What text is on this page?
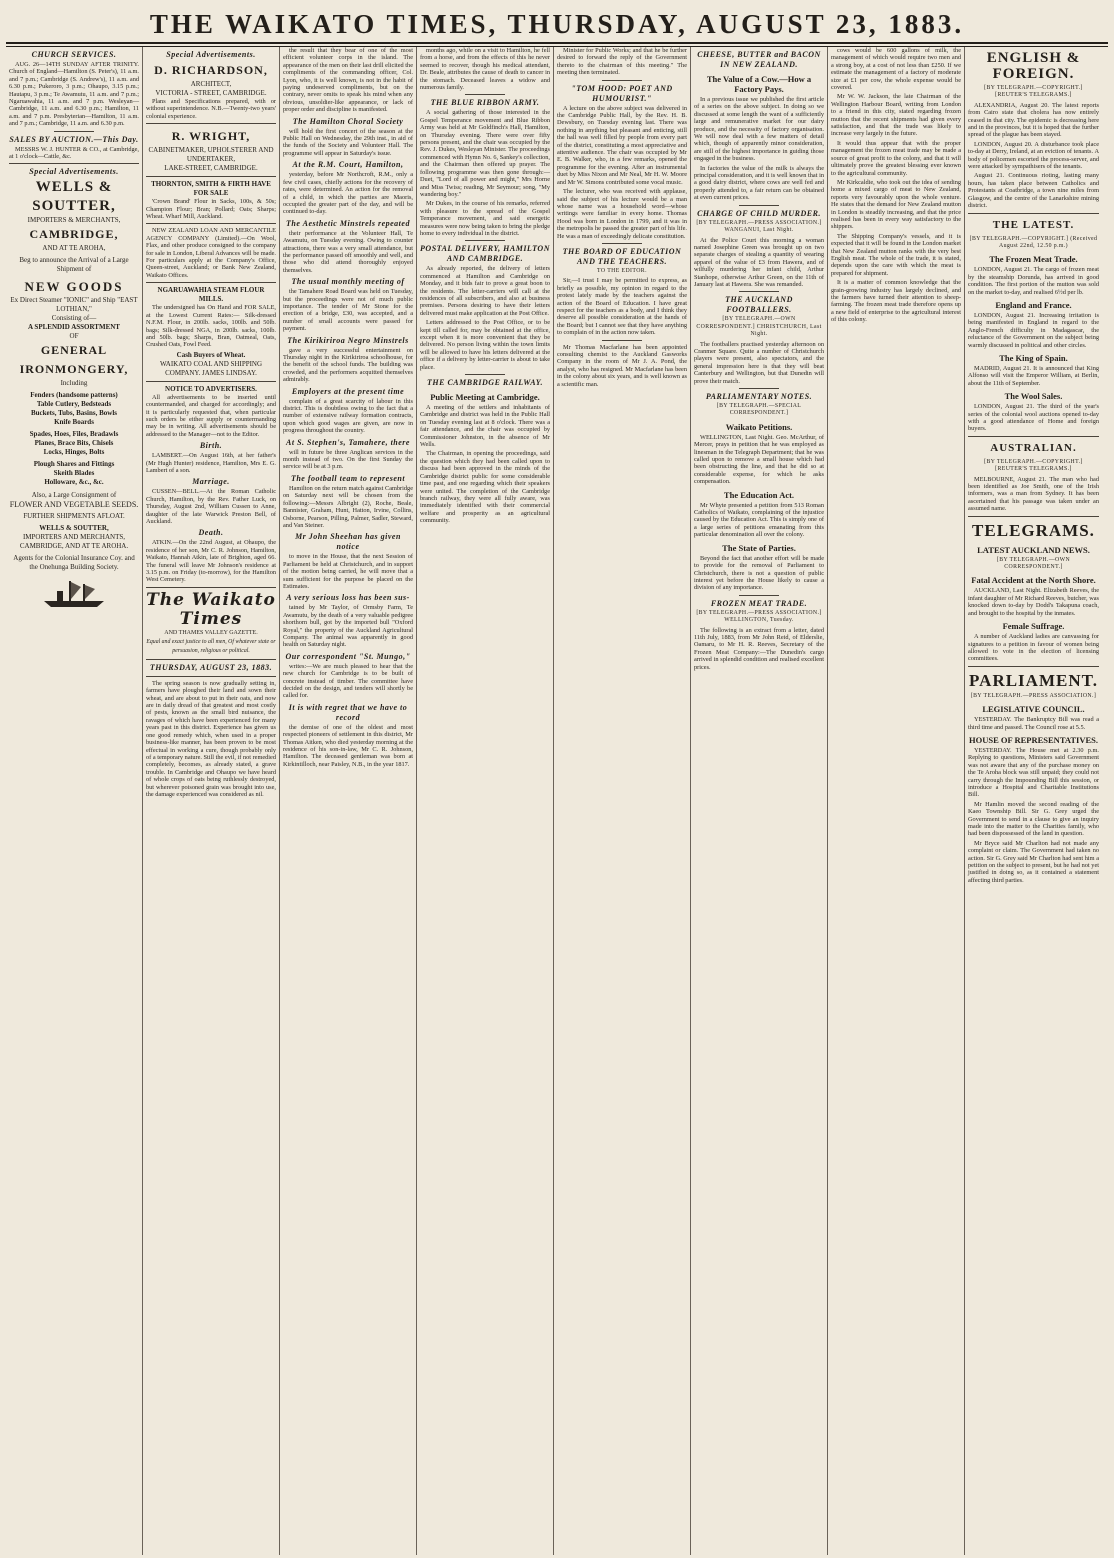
THE WAIKATO TIMES, THURSDAY, AUGUST 23, 1883.
CHURCH SERVICES.

AUG. 26—14TH SUNDAY AFTER TRINITY. Church of England—Hamilton (S. Peter's), 11 a.m. and 7 p.m.; Cambridge (S. Andrew's), 11 a.m. and 6.30 p.m.; Pukeroro, 3 p.m.; Ohaupo, 3.15 p.m.; Hautapu, 3 p.m.; Te Awamutu, 11 a.m. and 7 p.m.; Ngaruawahia, 11 a.m. and 7 p.m. Wesleyan—Cambridge, 11 a.m. and 6.30 p.m.; Hamilton, 11 a.m. and 7 p.m. Presbyterian—Hamilton, 11 a.m. and 7 p.m.; Cambridge, 11 a.m. and 6.30 p.m.

SALES BY AUCTION.—This Day.

MESSRS W. J. HUNTER & CO., at Cambridge, at 1 o'clock—Cattle, &c.

Special Advertisements.
WELLS & SOUTTER,
IMPORTERS & MERCHANTS,
CAMBRIDGE,
AND AT TE AROHA,
Beg to announce the Arrival of a Large Shipment of
NEW GOODS
Ex Direct Steamer "IONIC" and Ship "EAST LOTHIAN,"
Consisting of—
A SPLENDID ASSORTMENT
OF
GENERAL IRONMONGERY,
Including
Fenders (handsome patterns)
Table Cutlery, Bedsteads
Buckets, Tubs, Basins, Bowls
Knife Boards
Spades, Hoes, Files, Bradawls
Planes, Brace Bits, Chisels
Locks, Hinges, Bolts
Plough Shares and Fittings
Skeith Blades
Holloware, &c., &c.
Also, a Large Consignment of
FLOWER AND VEGETABLE SEEDS.
FURTHER SHIPMENTS AFLOAT.
WELLS & SOUTTER,
IMPORTERS AND MERCHANTS, CAMBRIDGE, AND AT TE AROHA.
Agents for the Colonial Insurance Coy. and the Onehunga Building Society.
Special Advertisements.
D. RICHARDSON,
ARCHITECT,
VICTORIA - STREET, CAMBRIDGE.

Plans and Specifications prepared, with or without superintendence. N.B.—Twenty-two years' colonial experience.

R. WRIGHT,
CABINETMAKER, UPHOLSTERER AND UNDERTAKER,
LAKE-STREET, CAMBRIDGE.
THORNTON, SMITH & FIRTH HAVE FOR SALE

'Crown Brand' Flour in Sacks, 100s, & 50s; Champion Flour; Bran; Pollard; Oats; Sharps; Wheat. Wharf Mill, Auckland.

NEW ZEALAND LOAN AND MERCANTILE AGENCY COMPANY (Limited).—On Wool, Flax, and other produce consigned to the company for sale in London, Liberal Advances will be made. For particulars apply at the Company's Office, Queen-street, Auckland; or Bank New Zealand, Waikato Offices.

NGARUAWAHIA STEAM FLOUR MILLS.

The undersigned has On Hand and FOR SALE, at the Lowest Current Rates:— Silk-dressed N.F.M. Flour, in 200lb. sacks, 100lb. and 50lb. bags; Silk-dressed NGA, in 200lb. sacks, 100lb. and 50lb. bags; Sharps, Bran, Oatmeal, Oats, Crushed Oats, Fowl Feed.

Cash Buyers of Wheat.
WAIKATO COAL AND SHIPPING COMPANY. JAMES LINDSAY.
NOTICE TO ADVERTISERS.

All advertisements to be inserted until countermanded, and charged for accordingly; and it is particularly requested that, when particular such orders be either supply or countermanding may be in writing. All advertisements should be addressed to the Manager—not to the Editor.

Birth.

LAMBERT.—On August 16th, at her father's (Mr Hugh Hunter) residence, Hamilton, Mrs E. G. Lambert of a son.

Marriage.

CUSSEN—BELL.—At the Roman Catholic Church, Hamilton, by the Rev. Father Luck, on Thursday, August 2nd, William Cussen to Anne, daughter of the late Warwick Preston Bell, of Auckland.

Death.

ATKIN.—On the 22nd August, at Ohaupo, the residence of her son, Mr C. R. Johnson, Hamilton, Waikato, Hannah Atkin, late of Brighton, aged 66. The funeral will leave Mr Johnson's residence at 3.15 p.m. on Friday (to-morrow), for the Hamilton West Cemetery.

The Waikato Times
AND THAMES VALLEY GAZETTE.
Equal and exact justice to all men, Of whatever state or persuasion, religious or political.
THURSDAY, AUGUST 23, 1883.

The spring season is now gradually setting in, farmers have ploughed their land and sown their wheat, and are about to put in their oats, and now are in daily dread of that greatest and most costly of pests, known as the small bird nuisance, the ravages of which have been experienced for many years past in this district. Experience has given us one good remedy which, when used in a proper business-like manner, has been proven to be most effectual in working a cure, though probably only of a temporary nature. Still the evil, if not remedied completely, becomes, as already stated, a grave trouble. In Cambridge and Ohaupo we have heard of whole crops of oats being ruthlessly destroyed, but wherever poisoned grain was brought into use, the damage experienced was considered as nil.

the result that they bear of one of the most efficient volunteer corps in the island. The appearance of the men on their last drill elicited the compliments of the commanding officer, Col. Lyon, who, it is well known, is not in the habit of paying undeserved compliments, but on the contrary, never omits to speak his mind when any obvious, unsoldier-like appearance, or lack of proper order and discipline is manifested.

The Hamilton Choral Society

will hold the first concert of the season at the Public Hall on Wednesday, the 29th inst., in aid of the funds of the Society and Volunteer Hall. The programme will appear in Saturday's issue.

At the R.M. Court, Hamilton,

yesterday, before Mr Northcroft, R.M., only a few civil cases, chiefly actions for the recovery of rates, were determined. An action for the removal of a child, in which the parties are Maoris, occupied the greater part of the day, and will be continued to-day.

The Aesthetic Minstrels repeated

their performance at the Volunteer Hall, Te Awamutu, on Tuesday evening. Owing to counter attractions, there was a very small attendance, but the performance passed off smoothly and well, and those who did attend thoroughly enjoyed themselves.

The usual monthly meeting of

the Tamahere Road Board was held on Tuesday, but the proceedings were not of much public importance. The tender of Mr Stone for the erection of a bridge, £30, was accepted, and a number of small accounts were passed for payment.

The Kirikiriroa Negro Minstrels

gave a very successful entertainment on Thursday night in the Kirikiriroa schoolhouse, for the benefit of the school funds. The building was crowded, and the performers acquitted themselves admirably.

Employers at the present time

complain of a great scarcity of labour in this district. This is doubtless owing to the fact that a number of extensive railway formation contracts, upon which good wages are given, are now in progress throughout the country.

At S. Stephen's, Tamahere, there

will in future be three Anglican services in the month instead of two. On the first Sunday the service will be at 3 p.m.

The football team to represent

Hamilton on the return match against Cambridge on Saturday next will be chosen from the following:—Messrs Albright (2), Roche, Beale, Bannister, Graham, Hunt, Hatton, Irvine, Collins, Osborne, Pearson, Pilling, Palmer, Sadler, Steward, and Van Steiner.

Mr John Sheehan has given notice

to move in the House, that the next Session of Parliament be held at Christchurch, and in support of the motion being carried, he will move that a sum sufficient for the purpose be placed on the Estimates.

A very serious loss has been sus-

tained by Mr Taylor, of Ormsby Farm, Te Awamutu, by the death of a very valuable pedigree shorthorn bull, got by the imported bull "Oxford Royal," the property of the Auckland Agricultural Company. The animal was apparently in good health on Saturday night.

Our correspondent "St. Mungo,"

writes:—We are much pleased to hear that the new church for Cambridge is to be built of concrete instead of timber. The committee have decided on the design, and tenders will shortly be called for.

It is with regret that we have to record

the demise of one of the oldest and most respected pioneers of settlement in this district, Mr Thomas Aitken, who died yesterday morning at the residence of his son-in-law, Mr C. R. Johnson, Hamilton. The deceased gentleman was born at Kirkintilloch, near Paisley, N.B., in the year 1817.

months ago, while on a visit to Hamilton, he fell from a horse, and from the effects of this he never seemed to recover, though his medical attendant, Dr. Beale, attributes the cause of death to cancer in the stomach. Deceased leaves a widow and numerous family.

THE BLUE RIBBON ARMY.

A social gathering of those interested in the Gospel Temperance movement and Blue Ribbon Army was held at Mr Goldfinch's Hall, Hamilton, on Thursday evening. There were over fifty persons present, and the chair was occupied by the Rev. J. Dukes, Wesleyan Minister. The proceedings commenced with Hymn No. 6, Sankey's collection, and the Chairman then offered up prayer. The following programme was then gone through:—Duet, "Lord of all power and might," Mrs Horne and Miss Twiss; reading, Mr Seymour; song, "My wandering boy."

Mr Dukes, in the course of his remarks, referred with pleasure to the spread of the Gospel Temperance movement, and said energetic measures were now being taken to bring the pledge home to every individual in the district.

POSTAL DELIVERY, HAMILTON AND CAMBRIDGE.

As already reported, the delivery of letters commenced at Hamilton and Cambridge on Monday, and it bids fair to prove a great boon to the residents. The letter-carriers will call at the residences of all subscribers, and also at business premises. Persons desiring to have their letters delivered must make application at the Post Office.

Letters addressed to the Post Office, or to be kept till called for, may be obtained at the office, except when it is more convenient that they be delivered. No person living within the town limits will be allowed to have his letters delivered at the office if a delivery by letter-carrier is about to take place.

THE CAMBRIDGE RAILWAY.
Public Meeting at Cambridge.

A meeting of the settlers and inhabitants of Cambridge and district was held in the Public Hall on Tuesday evening last at 8 o'clock. There was a fair attendance, and the chair was occupied by Commissioner Johnston, in the absence of Mr Wells.

The Chairman, in opening the proceedings, said the question which they had been called upon to discuss had been approved in the minds of the Cambridge district public for some considerable time past, and one regarding which their speakers were united. The completion of the Cambridge branch railway, they were all fully aware, was immediately identified with their commercial welfare and prosperity as an agricultural community.

Minister for Public Works; and that he be further desired to forward the reply of the Government thereto to the chairman of this meeting." The meeting then terminated.

"TOM HOOD: POET AND HUMOURIST."

A lecture on the above subject was delivered in the Cambridge Public Hall, by the Rev. H. B. Dewsbury, on Tuesday evening last. There was nothing in anything but pleasant and enticing, still the hall was well filled by people from every part of the district, constituting a most appreciative and attentive audience. The chair was occupied by Mr E. B. Walker, who, in a few remarks, opened the programme for the evening. After an instrumental duet by Miss Nixon and Mr Neal, Mr H. W. Moore and Mr W. Simons contributed some vocal music.

The lecturer, who was received with applause, said the subject of his lecture would be a man whose name was a household word—whose writings were familiar in every home. Thomas Hood was born in London in 1799, and it was in the metropolis he passed the greater part of his life. He was a man of exceedingly delicate constitution.

THE BOARD OF EDUCATION AND THE TEACHERS.
TO THE EDITOR.

Sir,—I trust I may be permitted to express, as briefly as possible, my opinion in regard to the protest lately made by the teachers against the action of the Board of Education. I have great respect for the teachers as a body, and I think they deserve all possible consideration at the hands of the Board; but I cannot see that they have anything to complain of in the action now taken.

Mr Thomas Macfarlane has been appointed consulting chemist to the Auckland Gasworks Company in the room of Mr J. A. Pond, the analyst, who has resigned. Mr Macfarlane has been in the colony about six years, and is well known as a scientific man.

CHEESE, BUTTER and BACON IN NEW ZEALAND.
The Value of a Cow.—How a Factory Pays.

In a previous issue we published the first article of a series on the above subject. In doing so we discussed at some length the want of a sufficiently large and remunerative market for our dairy produce, and the necessity of factory organisation. We will now deal with a few matters of detail which, though of apparently minor consideration, are still of the highest importance in guiding those engaged in the business.

In factories the value of the milk is always the principal consideration, and it is well known that in a good dairy district, where cows are well fed and properly attended to, a fair return can be obtained at even current prices.

CHARGE OF CHILD MURDER.
[BY TELEGRAPH.—PRESS ASSOCIATION.] WANGANUI, Last Night.

At the Police Court this morning a woman named Josephine Green was brought up on two separate charges of stealing a quantity of wearing apparel of the value of £3 from Hawera, and of wilfully murdering her infant child, Arthur Stanhope, otherwise Arthur Green, on the 11th of January last at Hawera. She was remanded.

THE AUCKLAND FOOTBALLERS.
[BY TELEGRAPH.—OWN CORRESPONDENT.] CHRISTCHURCH, Last Night.

The footballers practised yesterday afternoon on Cranmer Square. Quite a number of Christchurch players were present, also spectators, and the general impression here is that they will beat Canterbury and Wellington, but that Dunedin will prove their match.

PARLIAMENTARY NOTES.
[BY TELEGRAPH.—SPECIAL CORRESPONDENT.]
Waikato Petitions.

WELLINGTON, Last Night. Geo. McArthur, of Mercer, prays in petition that he was employed as linesman in the Telegraph Department; that he was called upon to remove a small house which had been obstructing the line, and that he did so at considerable expense, for which he asks compensation.

The Education Act.

Mr Whyte presented a petition from 513 Roman Catholics of Waikato, complaining of the injustice caused by the Education Act. This is simply one of a large series of petitions emanating from this particular denomination all over the colony.

The State of Parties.

Beyond the fact that another effort will be made to provide for the removal of Parliament to Christchurch, there is not a question of public interest yet before the House likely to cause a division of any importance.

FROZEN MEAT TRADE.
[BY TELEGRAPH.—PRESS ASSOCIATION.] WELLINGTON, Tuesday.

The following is an extract from a letter, dated 11th July, 1883, from Mr John Reid, of Elderslie, Oamaru, to Mr H. R. Reeves, Secretary of the Frozen Meat Company:—The Dunedin's cargo arrived in splendid condition and realised excellent prices.

cows would be 600 gallons of milk, the management of which would require two men and a strong boy, at a cost of not less than £250. If we estimate the management of a factory of moderate size at £1 per cow, the whole expense would be covered.

Mr W. W. Jackson, the late Chairman of the Wellington Harbour Board, writing from London to a friend in this city, stated regarding frozen mutton that the recent shipments had given every satisfaction, and that the trade was likely to increase very largely in the future.

It would thus appear that with the proper management the frozen meat trade may be made a source of great profit to the colony, and that it will ultimately prove the greatest blessing ever known to the agricultural community.

Mr Kirkcaldie, who took out the idea of sending home a mixed cargo of meat to New Zealand, reports very favourably upon the whole venture. He states that the demand for New Zealand mutton in London is steadily increasing, and that the price realised has been in every way satisfactory to the shippers.

The Shipping Company's vessels, and it is expected that it will be found in the London market that New Zealand mutton ranks with the very best English meat. The whole of the trade, it is stated, depends upon the care with which the meat is prepared for shipment.

It is a matter of common knowledge that the grain-growing industry has largely declined, and the farmers have turned their attention to sheep-farming. The frozen meat trade therefore opens up a new field of enterprise to the agricultural interest of this colony.

ENGLISH & FOREIGN.
[BY TELEGRAPH.—COPYRIGHT.] [REUTER'S TELEGRAMS.]

ALEXANDRIA, August 20. The latest reports from Cairo state that cholera has now entirely ceased in that city. The epidemic is decreasing here and in the provinces, but it is hoped that the further spread of the plague has been stayed.

LONDON, August 20. A disturbance took place to-day at Derry, Ireland, at an eviction of tenants. A body of policemen escorted the process-server, and were attacked by sympathisers of the tenants.

August 21. Continuous rioting, lasting many hours, has taken place between Catholics and Protestants at Coatbridge, a town nine miles from Glasgow, and the centre of the Lanarkshire mining district.

THE LATEST.
[BY TELEGRAPH.—COPYRIGHT.] (Received August 22nd, 12.50 p.m.)
The Frozen Meat Trade.

LONDON, August 21. The cargo of frozen meat by the steamship Dorunda, has arrived in good condition. The first portion of the mutton was sold on the market to-day, and realised 6½d per lb.

England and France.

LONDON, August 21. Increasing irritation is being manifested in England in regard to the Anglo-French difficulty in Madagascar, the reluctance of the Government on the subject being warmly discussed in political and other circles.

The King of Spain.

MADRID, August 21. It is announced that King Alfonso will visit the Emperor William, at Berlin, about the 11th of September.

The Wool Sales.

LONDON, August 21. The third of the year's series of the colonial wool auctions opened to-day with a good attendance of Home and foreign buyers.

AUSTRALIAN.
[BY TELEGRAPH.—COPYRIGHT.] [REUTER'S TELEGRAMS.]

MELBOURNE, August 21. The man who had been identified as Joe Smith, one of the Irish informers, was a man from Sydney. It has been ascertained that his passage was taken under an assumed name.

TELEGRAMS.
LATEST AUCKLAND NEWS.
[BY TELEGRAPH.—OWN CORRESPONDENT.]
Fatal Accident at the North Shore.

AUCKLAND, Last Night. Elizabeth Reeves, the infant daughter of Mr Richard Reeves, butcher, was knocked down to-day by Dodd's Takapuna coach, and brought to the hospital by the inmates.

Female Suffrage.

A number of Auckland ladies are canvassing for signatures to a petition in favour of women being allowed to vote in the election of licensing committees.

PARLIAMENT.
[BY TELEGRAPH.—PRESS ASSOCIATION.]
LEGISLATIVE COUNCIL.

YESTERDAY. The Bankruptcy Bill was read a third time and passed. The Council rose at 5.5.

HOUSE OF REPRESENTATIVES.

YESTERDAY. The House met at 2.30 p.m. Replying to questions, Ministers said Government was not aware that any of the purchase money on the Te Aroha block was still unpaid; they could not carry through the Impounding Bill this session, or introduce a Hospital and Charitable Institutions Bill.

Mr Hamlin moved the second reading of the Kaeo Township Bill. Sir G. Grey urged the Government to send in a clause to give an inquiry made into the matter to the Charities family, who had been dispossessed of the land in question.

Mr Bryce said Mr Charlton had not made any complaint or claim. The Government had taken no action. Sir G. Grey said Mr Charlton had sent him a petition on the subject to present, but he had not yet justified in doing so, as it contained a statement affecting third parties.
